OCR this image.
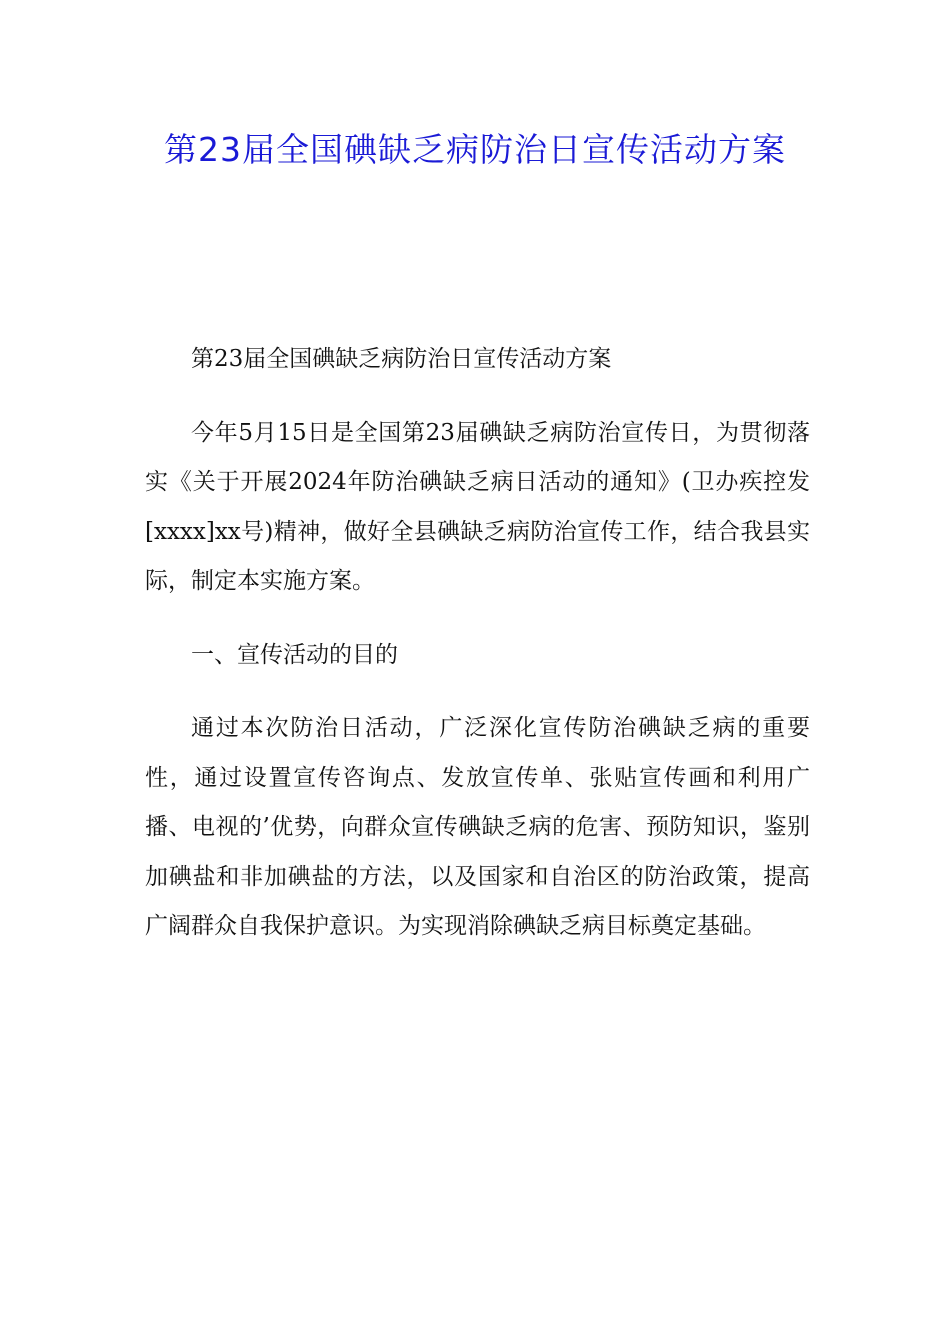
第23届全国碘缺乏病防治日宣传活动方案

第23届全国碘缺乏病防治日宣传活动方案

今年5月15日是全国第23届碘缺乏病防治宣传日，为贯彻落实《关于开展2024年防治碘缺乏病日活动的通知》(卫办疾控发[xxxx]xx号)精神，做好全县碘缺乏病防治宣传工作，结合我县实际，制定本实施方案。

一、宣传活动的目的

通过本次防治日活动，广泛深化宣传防治碘缺乏病的重要性，通过设置宣传咨询点、发放宣传单、张贴宣传画和利用广播、电视的’优势，向群众宣传碘缺乏病的危害、预防知识，鉴别加碘盐和非加碘盐的方法，以及国家和自治区的防治政策，提高广阔群众自我保护意识。为实现消除碘缺乏病目标奠定基础。
